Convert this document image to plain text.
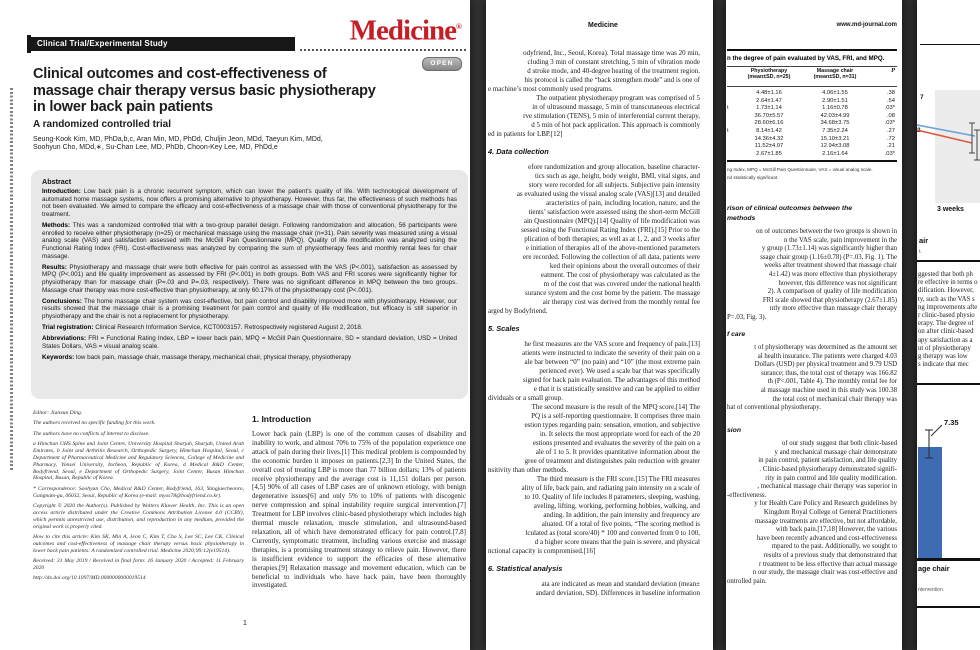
Clinical Trial/Experimental Study	Medicine®
OPEN
Clinical outcomes and cost-effectiveness of
massage chair therapy versus basic physiotherapy
in lower back pain patients
A randomized controlled trial
Seung-Kook Kim, MD, PhDa,b,c, Aran Min, MD, PhDd, Chuljin Jeon, MDd, Taeyun Kim, MDd,
Soohyun Cho, MDd,∗, Su-Chan Lee, MD, PhDb, Choon-Key Lee, MD, PhDd,e
Abstract
Introduction: Low back pain is a chronic recurrent symptom, which can lower the patient’s quality of life. With technological development of automated home massage systems, now offers a promising alternative to physiotherapy. However, thus far, the effectiveness of such methods has not been evaluated. We aimed to compare the efficacy and cost-effectiveness of a massage chair with those of conventional physiotherapy for the treatment.
Methods: This was a randomized controlled trial with a two-group parallel design. Following randomization and allocation, 56 participants were enrolled to receive either physiotherapy (n=25) or mechanical massage using the massage chair (n=31). Pain severity was measured using a visual analog scale (VAS) and satisfaction assessed with the McGill Pain Questionnaire (MPQ). Quality of life modification was analyzed using the Functional Rating Index (FRI). Cost-effectiveness was analyzed by comparing the sum of physiotherapy fees and monthly rental fees for chair massage.
Results: Physiotherapy and massage chair were both effective for pain control as assessed with the VAS (P<.001), satisfaction as assessed by MPQ (P<.001) and life quality improvement as assessed by FRI (P<.001) in both groups. Both VAS and FRI scores were significantly higher for physiotherapy than for massage chair (P=.03 and P=.03, respectively). There was no significant difference in MPQ between the two groups. Massage chair therapy was more cost-effective than physiotherapy, at only 60.17% of the physiotherapy cost (P<.001).
Conclusions: The home massage chair system was cost-effective, but pain control and disability improved more with physiotherapy. However, our results showed that the massage chair is a promising treatment for pain control and quality of life modification, but efficacy is still superior in physiotherapy and the chair is not a replacement for physiotherapy.
Trial registration: Clinical Research Information Service, KCT0003157. Retrospectively registered August 2, 2018.
Abbreviations: FRI = Functional Rating Index, LBP = lower back pain, MPQ = McGill Pain Questionnaire, SD = standard deviation, USD = United States Dollars, VAS = visual analog scale.
Keywords: low back pain, massage chair, massage therapy, mechanical chair, physical therapy, physiotherapy
Editor: Jianxun Ding.
The authors received no specific funding for this work.
The authors have no conflicts of interest to disclose.
a Himchan UHS Spine and Joint Centre, University Hospital Sharjah, Sharjah, United Arab Emirates, b Joint and Arthritis Research, Orthopedic Surgery, Himchan Hospital, Seoul, c Department of Pharmaceutical Medicine and Regulatory Sciences, College of Medicine and Pharmacy, Yonsei University, Incheon, Republic of Korea, d Medical R&D Center, Bodyfriend, Seoul, e Department of Orthopedic Surgery, Joint Center, Busan Himchan Hospital, Busan, Republic of Korea.
* Correspondence: Soohyun Cho, Medical R&D Center, Bodyfriend, 163, Yangjaecheonro, Gangnam-gu, 06032, Seoul, Republic of Korea (e-mail: myos78@bodyfriend.co.kr).
Copyright © 2020 the Author(s). Published by Wolters Kluwer Health, Inc. This is an open access article distributed under the Creative Commons Attribution License 4.0 (CCBY), which permits unrestricted use, distribution, and reproduction in any medium, provided the original work is properly cited.
How to cite this article: Kim SK, Min A, Jeon C, Kim T, Cho S, Lee SC, Lee CK. Clinical outcomes and cost-effectiveness of massage chair therapy versus basic physiotherapy in lower back pain patients: A randomized controlled trial. Medicine 2020;99:12(e19514).
Received: 31 May 2019 / Received in final form: 16 January 2020 / Accepted: 11 February 2020
http://dx.doi.org/10.1097/MD.0000000000019514
1. Introduction
Lower back pain (LBP) is one of the common causes of disability and inability to work, and almost 70% to 75% of the population experience one attack of pain during their lives.[1] This medical problem is compounded by the economic burden it imposes on patients.[2,3] In the United States, the overall cost of treating LBP is more than 77 billion dollars; 13% of patients receive physiotherapy and the average cost is 11,151 dollars per person.[4,5] 90% of all cases of LBP cases are of unknown etiology, with benign degenerative issues[6] and only 5% to 10% of patients with discogenic nerve compression and spinal instability require surgical intervention.[7] Treatment for LBP involves clinic-based physiotherapy which includes high thermal muscle relaxation, muscle stimulation, and ultrasound-based relaxation, all of which have demonstrated efficacy for pain control.[7,8] Currently, symptomatic treatment, including various exercise and massage therapies, is a promising treatment strategy to relieve pain. However, there is insufficient evidence to support the efficacies of these alternative therapies.[9] Relaxation massage and movement education, which can be beneficial to individuals who have back pain, have been thoroughly investigated.
1
Medicine
odyfriend, Inc., Seoul, Korea). Total massage time was 20 min,
cluding 3 min of constant stretching, 5 min of vibration mode
d stroke mode, and 40-degree heating of the treatment region.
his protocol is called the “back strengthen mode” and is one of
e machine’s most commonly used programs.
The outpatient physiotherapy program was comprised of 5
in of ultrasound massage, 5 min of transcutaneous electrical
rve stimulation (TENS), 5 min of interferential current therapy,
d 5 min of hot pack application. This approach is commonly
ed in patients for LBP.[12]
4. Data collection
efore randomization and group allocation, baseline character-
tics such as age, height, body weight, BMI, vital signs, and
story were recorded for all subjects. Subjective pain intensity
as evaluated using the visual analog scale (VAS)[13] and detailed
aracteristics of pain, including location, nature, and the
tients’ satisfaction were assessed using the short-term McGill
ain Questionnaire (MPQ).[14] Quality of life modification was
sessed using the Functional Rating Index (FRI).[15] Prior to the
plication of both therapies, as well as at 1, 2, and 3 weeks after
e initiation of therapies all of the above-mentioned parameters
ere recorded. Following the collection of all data, patients were
ked their opinions about the overall outcomes of their
eatment. The cost of physiotherapy was calculated as the
m of the cost that was covered under the national health
surance system and the cost borne by the patient. The massage
air therapy cost was derived from the monthly rental fee
arged by Bodyfriend.
5. Scales
he first measures are the VAS score and frequency of pain.[13]
atients were instructed to indicate the severity of their pain on a
ale bar between “0” (no pain) and “10” (the most extreme pain
perienced ever). We used a scale bar that was specifically
signed for back pain evaluation. The advantages of this method
e that it is statistically sensitive and can be applied to either
dividuals or a small group.
The second measure is the result of the MPQ score.[14] The
PQ is a self-reporting questionnaire. It comprises three main
estion types regarding pain: sensation, emotion, and subjective
in. It selects the most appropriate word for each of the 20
estions presented and evaluates the severity of the pain on a
ale of 1 to 5. It provides quantitative information about the
gree of treatment and distinguishes pain reduction with greater
nsitivity than other methods.
The third measure is the FRI score.[15] The FRI measures
ality of life, back pain, and radiating pain intensity on a scale of
to 10. Quality of life includes 8 parameters, sleeping, washing,
aveling, lifting, working, performing hobbies, walking, and
anding. In addition, the pain intensity and frequency are
aluated. Of a total of five points, “The scoring method is
lculated as (total score/40) * 100 and converted from 0 to 100,
d a higher score means that the pain is severe, and physical
nctional capacity is compromised.[16]
6. Statistical analysis
ata are indicated as mean and standard deviation (mean±
andard deviation, SD). Differences in baseline information
www.md-journal.com
n the degree of pain evaluated by VAS, FRI, and MPQ.
Physiotherapy
(mean±SD, n=25)
Massage chair
(mean±SD, n=31)
P
4.48±1.16	4.06±1.55	.38
2.64±1.47	2.90±1.51	.54
t	1.73±1.14	1.16±0.78	.03*
36.70±5.57	42.03±4.99	.08
28.60±6.16	34.68±3.75	.03*
t	8.14±1.42	7.35±2.24	.27
14.36±4.32	15.10±3.21	.72
11.52±4.07	12.94±3.08	.21
2.67±1.85	2.16±1.64	.03*
ng Index, MPQ = McGill Pain Questionnaire, VAS = visual analog scale.
nd statistically significant.
rison of clinical outcomes between the
methods
on of outcomes between the two groups is shown in
n the VAS scale, pain improvement in the
y group (1.73±1.14) was significantly higher than
ssage chair group (1.16±0.78) (P=.03, Fig. 1). The
weeks after treatment showed that massage chair
4±1.42) was more effective than physiotherapy
however, this difference was not significant
2). A comparison of quality of life modification
FRI scale showed that physiotherapy (2.67±1.85)
ntly more effective than massage chair therapy
P=.03, Fig. 3).
f care
t of physiotherapy was determined as the amount set
al health insurance. The patients were charged 4.03
Dollars (USD) per physical treatment and 9.79 USD
surance; thus, the total cost of therapy was 166.82
th (P<.001, Table 4). The monthly rental fee for
al massage machine used in this study was 100.38
the total cost of mechanical chair therapy was
hat of conventional physiotherapy.
sion
of our study suggest that both clinic-based
y and mechanical massage chair demonstrate
in pain control, patient satisfaction, and life quality
. Clinic-based physiotherapy demonstrated signifi-
rity in pain control and life quality modification.
, mechanical massage chair therapy was superior in
-effectiveness.
y for Health Care Policy and Research guidelines by
Kingdom Royal College of General Practitioners
massage treatments are effective, but not affordable,
with back pain.[17,18] However, the various
have been recently advanced and cost-effectiveness
mpared to the past. Additionally, we sought to
results of a previous study that demonstrated that
r treatment to be less effective than actual massage
n our study, the massage chair was cost-effective and
ontrolled pain.
7
2
3 weeks
air
t.
ggested that both ph
re effective in terms o
dification. However,
ty, such as the VAS s
ng improvements afte
r clinic-based physio
erapy. The degree of
on after clinic-based
apy satisfaction as a
ut of physiotherapy
g therapy was low
s indicate that mec
7.35
age chair
ntervention.
